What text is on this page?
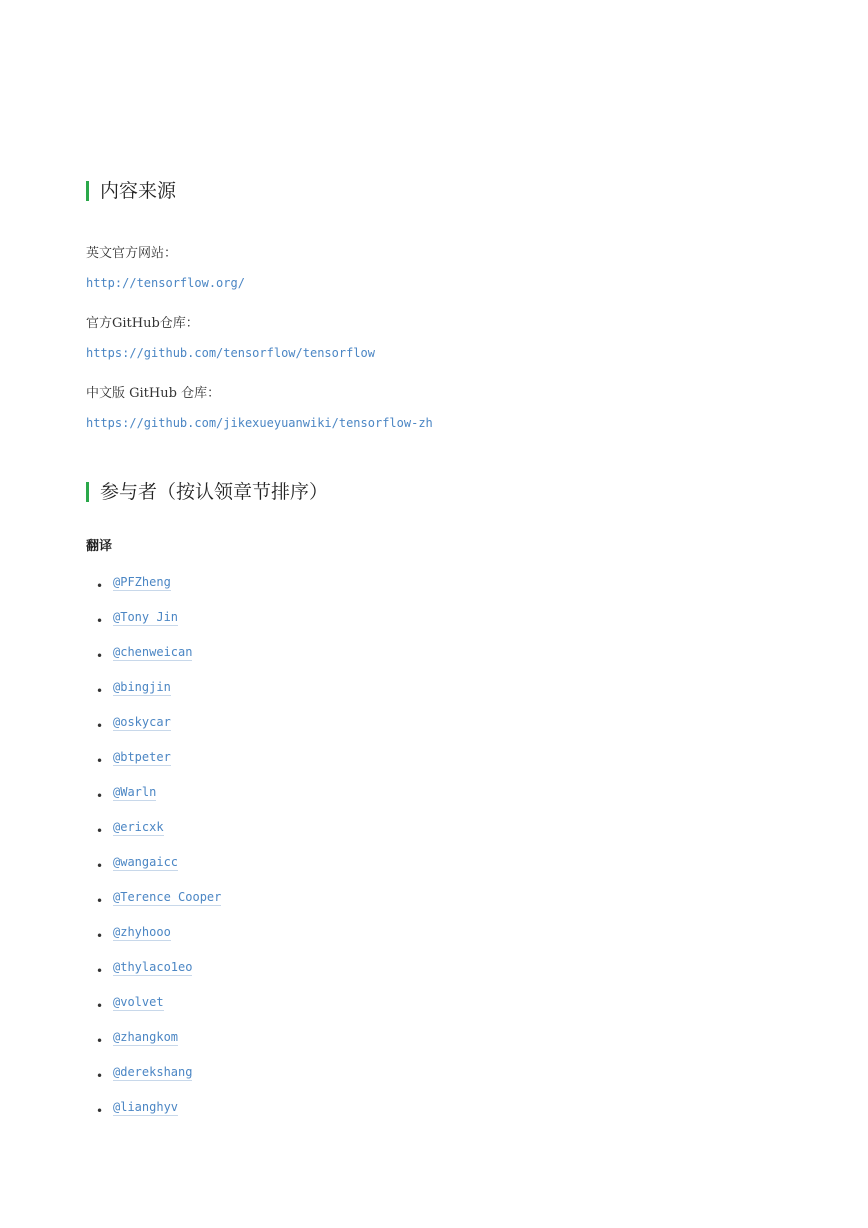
内容来源
英文官方网站：
http://tensorflow.org/
官方GitHub仓库：
https://github.com/tensorflow/tensorflow
中文版 GitHub 仓库：
https://github.com/jikexueyuanwiki/tensorflow-zh
参与者（按认领章节排序）
翻译
• @PFZheng
• @Tony Jin
• @chenweican
• @bingjin
• @oskycar
• @btpeter
• @Warln
• @ericxk
• @wangaicc
• @Terence Cooper
• @zhyhooo
• @thylaco1eo
• @volvet
• @zhangkom
• @derekshang
• @lianghyv
